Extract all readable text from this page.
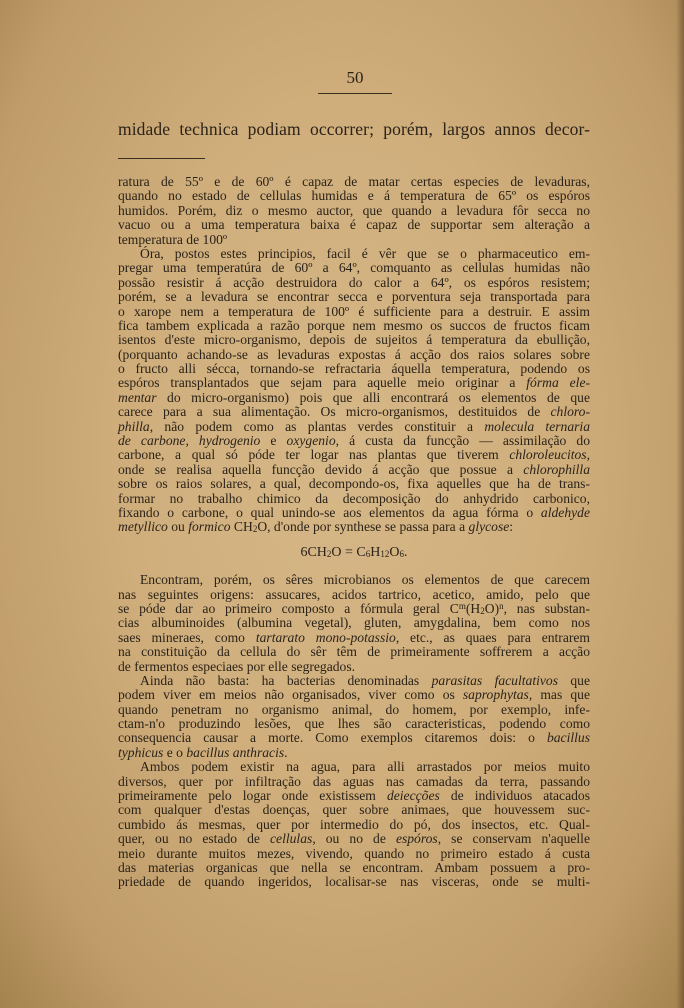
50
midade technica podiam occorrer; porém, largos annos decor-
ratura de 55º e de 60º é capaz de matar certas especies de levaduras,
quando no estado de cellulas humidas e á temperatura de 65º os espóros
humidos. Porém, diz o mesmo auctor, que quando a levadura fôr secca no
vacuo ou a uma temperatura baixa é capaz de supportar sem alteração a
temperatura de 100º
Óra, postos estes principios, facil é vêr que se o pharmaceutico em-
pregar uma temperatúra de 60º a 64º, comquanto as cellulas humidas não
possão resistir á acção destruidora do calor a 64º, os espóros resistem;
porém, se a levadura se encontrar secca e porventura seja transportada para
o xarope nem a temperatura de 100º é sufficiente para a destruir. E assim
fica tambem explicada a razão porque nem mesmo os succos de fructos ficam
isentos d'este micro-organismo, depois de sujeitos á temperatura da ebullição,
(porquanto achando-se as levaduras expostas á acção dos raios solares sobre
o fructo alli sécca, tornando-se refractaria áquella temperatura, podendo os
espóros transplantados que sejam para aquelle meio originar a fórma ele-
mentar do micro-organismo) pois que alli encontrará os elementos de que
carece para a sua alimentação. Os micro-organismos, destituidos de chloro-
philla, não podem como as plantas verdes constituir a molecula ternaria
de carbone, hydrogenio e oxygenio, á custa da funcção — assimilação do
carbone, a qual só póde ter logar nas plantas que tiverem chloroleucitos,
onde se realisa aquella funcção devido á acção que possue a chlorophilla
sobre os raios solares, a qual, decompondo-os, fixa aquelles que ha de trans-
formar no trabalho chimico da decomposição do anhydrido carbonico,
fixando o carbone, o qual unindo-se aos elementos da agua fórma o aldehyde
metyllico ou formico $CH_2O$, d'onde por synthese se passa para a glycose:
$6CH_2O = C_6H_{12}O_6$.
Encontram, porém, os sêres microbianos os elementos de que carecem
nas seguintes origens: assucares, acidos tartrico, acetico, amido, pelo que
se póde dar ao primeiro composto a fórmula geral $C^m(H_2O)^n$, nas substan-
cias albuminoides (albumina vegetal), gluten, amygdalina, bem como nos
saes mineraes, como tartarato mono-potassio, etc., as quaes para entrarem
na constituição da cellula do sêr têm de primeiramente soffrerem a acção
de fermentos especiaes por elle segregados.
Ainda não basta: ha bacterias denominadas parasitas facultativos que
podem viver em meios não organisados, viver como os saprophytas, mas que
quando penetram no organismo animal, do homem, por exemplo, infe-
ctam-n'o produzindo lesões, que lhes são caracteristicas, podendo como
consequencia causar a morte. Como exemplos citaremos dois: o bacillus
typhicus e o bacillus anthracis.
Ambos podem existir na agua, para alli arrastados por meios muito
diversos, quer por infiltração das aguas nas camadas da terra, passando
primeiramente pelo logar onde existissem deiecções de individuos atacados
com qualquer d'estas doenças, quer sobre animaes, que houvessem suc-
cumbido ás mesmas, quer por intermedio do pó, dos insectos, etc. Qual-
quer, ou no estado de cellulas, ou no de espóros, se conservam n'aquelle
meio durante muitos mezes, vivendo, quando no primeiro estado á custa
das materias organicas que nella se encontram. Ambam possuem a pro-
priedade de quando ingeridos, localisar-se nas visceras, onde se multi-
